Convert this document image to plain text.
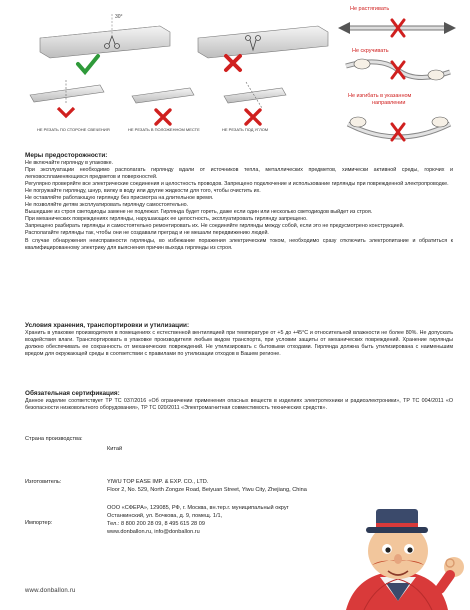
30°
НЕ РЕЗАТЬ ПО СТОРОНЕ СВЕЧЕНИЯ	НЕ РЕЗАТЬ В ПОЛОЖЕННОМ МЕСТЕ	НЕ РЕЗАТЬ ПОД УГЛОМ
Не растягивать
Не скручивать
Не изгибать в указанном направлении

Меры предосторожности:

Не включайте гирлянду в упаковке.

При эксплуатации необходимо располагать гирлянду вдали от источников тепла, металлических предметов, химически активной среды, горючих и легковоспламеняющихся предметов и поверхностей.

Регулярно проверяйте все электрические соединения и целостность проводов. Запрещено подключение и использование гирлянды при поврежденной электропроводке.

Не погружайте гирлянду, шнур, вилку в воду или другие жидкости для того, чтобы очистить их.

Не оставляйте работающую гирлянду без присмотра на длительное время.

Не позволяйте детям эксплуатировать гирлянду самостоятельно.

Вышедшие из строя светодиоды замене не подлежат. Гирлянда будет гореть, даже если один или несколько светодиодов выйдет из строя.

При механических повреждениях гирлянды, нарушающих ее целостность, эксплуатировать гирлянду запрещено.

Запрещено разбирать гирлянды и самостоятельно ремонтировать их. Не соединяйте гирлянды между собой, если это не предусмотрено конструкцией.

Располагайте гирлянды так, чтобы они не создавали преград и не мешали передвижению людей.

В случае обнаружения неисправности гирлянды, во избежание поражения электрическим током, необходимо сразу отключить электропитание и обратиться к квалифицированному электрику для выяснения причин выхода гирлянды из строя.

Условия хранения, транспортировки и утилизации:

Хранить в упаковке производителя в помещениях с естественной вентиляцией при температуре от +5 до +45°С и относительной влажности не более 80%. Не допускать воздействия влаги. Транспортировать в упаковке производителя любым видом транспорта, при условии защиты от механических повреждений. Хранение гирлянды должно обеспечивать ее сохранность от механических повреждений. Не утилизировать с бытовыми отходами. Гирлянда должна быть утилизирована с наименьшим вредом для окружающей среды в соответствии с правилами по утилизации отходов в Вашем регионе.

Обязательная сертификация:

Данное изделие соответствует ТР ТС 037/2016 «Об ограничении применения опасных веществ в изделиях электротехники и радиоэлектроники», ТР ТС 004/2011 «О безопасности низковольтного оборудования», ТР ТС 020/2011 «Электромагнитная совместимость технических средств».

Страна производства:
Китай
Изготовитель:	YIWU TOP EASE IMP. & EXP. CO., LTD.
Floor 2, No. 529, North Zongze Road, Beiyuan Street, Yiwu City, Zhejiang, China
Импортер:
ООО «СФЕРА», 129085, РФ, г. Москва, вн.тер.г. муниципальный округ
Останкинский, ул. Бочкова, д. 9, помещ. 1/1,
Тел.: 8 800 200 28 09, 8 495 615 28 09
www.donballon.ru, info@donballon.ru
www.donballon.ru
